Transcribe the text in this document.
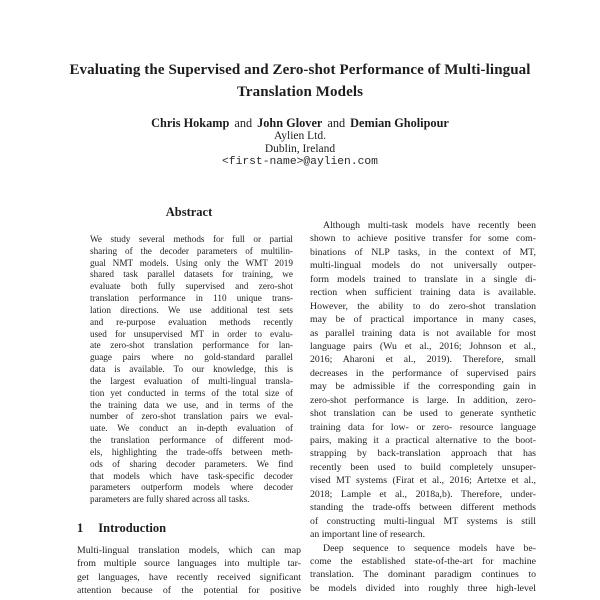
Evaluating the Supervised and Zero-shot Performance of Multi-lingual
Translation Models
Chris Hokamp and John Glover and Demian Gholipour
Aylien Ltd.
Dublin, Ireland
<first-name>@aylien.com
Abstract
We study several methods for full or partial
sharing of the decoder parameters of multilin-
gual NMT models. Using only the WMT 2019
shared task parallel datasets for training, we
evaluate both fully supervised and zero-shot
translation performance in 110 unique trans-
lation directions. We use additional test sets
and re-purpose evaluation methods recently
used for unsupervised MT in order to evalu-
ate zero-shot translation performance for lan-
guage pairs where no gold-standard parallel
data is available. To our knowledge, this is
the largest evaluation of multi-lingual transla-
tion yet conducted in terms of the total size of
the training data we use, and in terms of the
number of zero-shot translation pairs we eval-
uate. We conduct an in-depth evaluation of
the translation performance of different mod-
els, highlighting the trade-offs between meth-
ods of sharing decoder parameters. We find
that models which have task-specific decoder
parameters outperform models where decoder
parameters are fully shared across all tasks.
1 Introduction
Multi-lingual translation models, which can map
from multiple source languages into multiple tar-
get languages, have recently received significant
attention because of the potential for positive
Although multi-task models have recently been
shown to achieve positive transfer for some com-
binations of NLP tasks, in the context of MT,
multi-lingual models do not universally outper-
form models trained to translate in a single di-
rection when sufficient training data is available.
However, the ability to do zero-shot translation
may be of practical importance in many cases,
as parallel training data is not available for most
language pairs (Wu et al., 2016; Johnson et al.,
2016; Aharoni et al., 2019). Therefore, small
decreases in the performance of supervised pairs
may be admissible if the corresponding gain in
zero-shot performance is large. In addition, zero-
shot translation can be used to generate synthetic
training data for low- or zero- resource language
pairs, making it a practical alternative to the boot-
strapping by back-translation approach that has
recently been used to build completely unsuper-
vised MT systems (Firat et al., 2016; Artetxe et al.,
2018; Lample et al., 2018a,b). Therefore, under-
standing the trade-offs between different methods
of constructing multi-lingual MT systems is still
an important line of research.
Deep sequence to sequence models have be-
come the established state-of-the-art for machine
translation. The dominant paradigm continues to
be models divided into roughly three high-level
